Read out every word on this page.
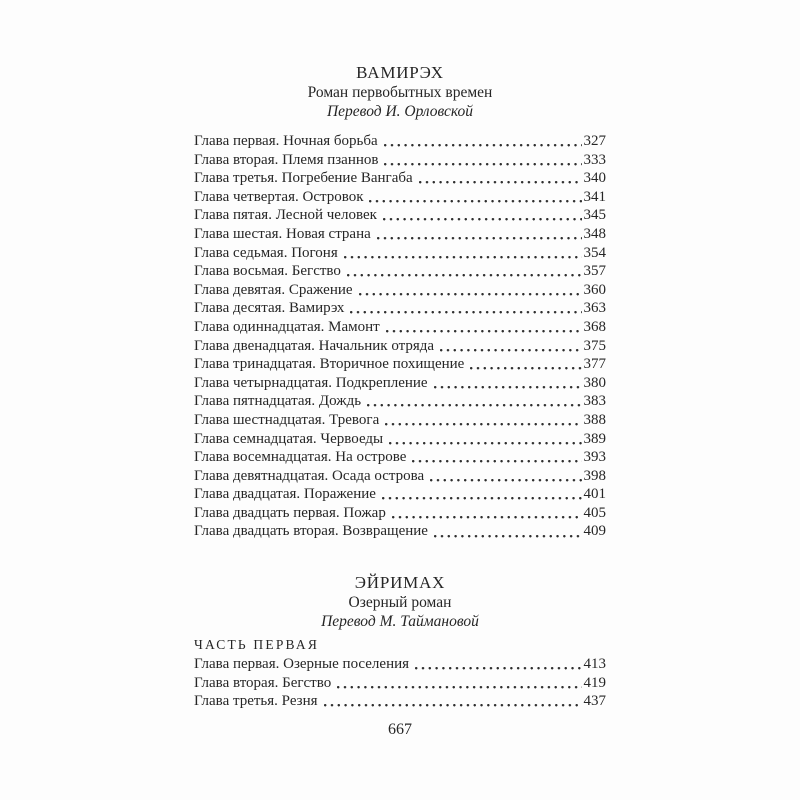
ВАМИРЭХ
Роман первобытных времен
Перевод И. Орловской
Глава первая. Ночная борьба	327
Глава вторая. Племя пзаннов	333
Глава третья. Погребение Вангаба	340
Глава четвертая. Островок	341
Глава пятая. Лесной человек	345
Глава шестая. Новая страна	348
Глава седьмая. Погоня	354
Глава восьмая. Бегство	357
Глава девятая. Сражение	360
Глава десятая. Вамирэх	363
Глава одиннадцатая. Мамонт	368
Глава двенадцатая. Начальник отряда	375
Глава тринадцатая. Вторичное похищение	377
Глава четырнадцатая. Подкрепление	380
Глава пятнадцатая. Дождь	383
Глава шестнадцатая. Тревога	388
Глава семнадцатая. Червоеды	389
Глава восемнадцатая. На острове	393
Глава девятнадцатая. Осада острова	398
Глава двадцатая. Поражение	401
Глава двадцать первая. Пожар	405
Глава двадцать вторая. Возвращение	409
ЭЙРИМАХ
Озерный роман
Перевод М. Таймановой
ЧАСТЬ ПЕРВАЯ
Глава первая. Озерные поселения	413
Глава вторая. Бегство	419
Глава третья. Резня	437
667
